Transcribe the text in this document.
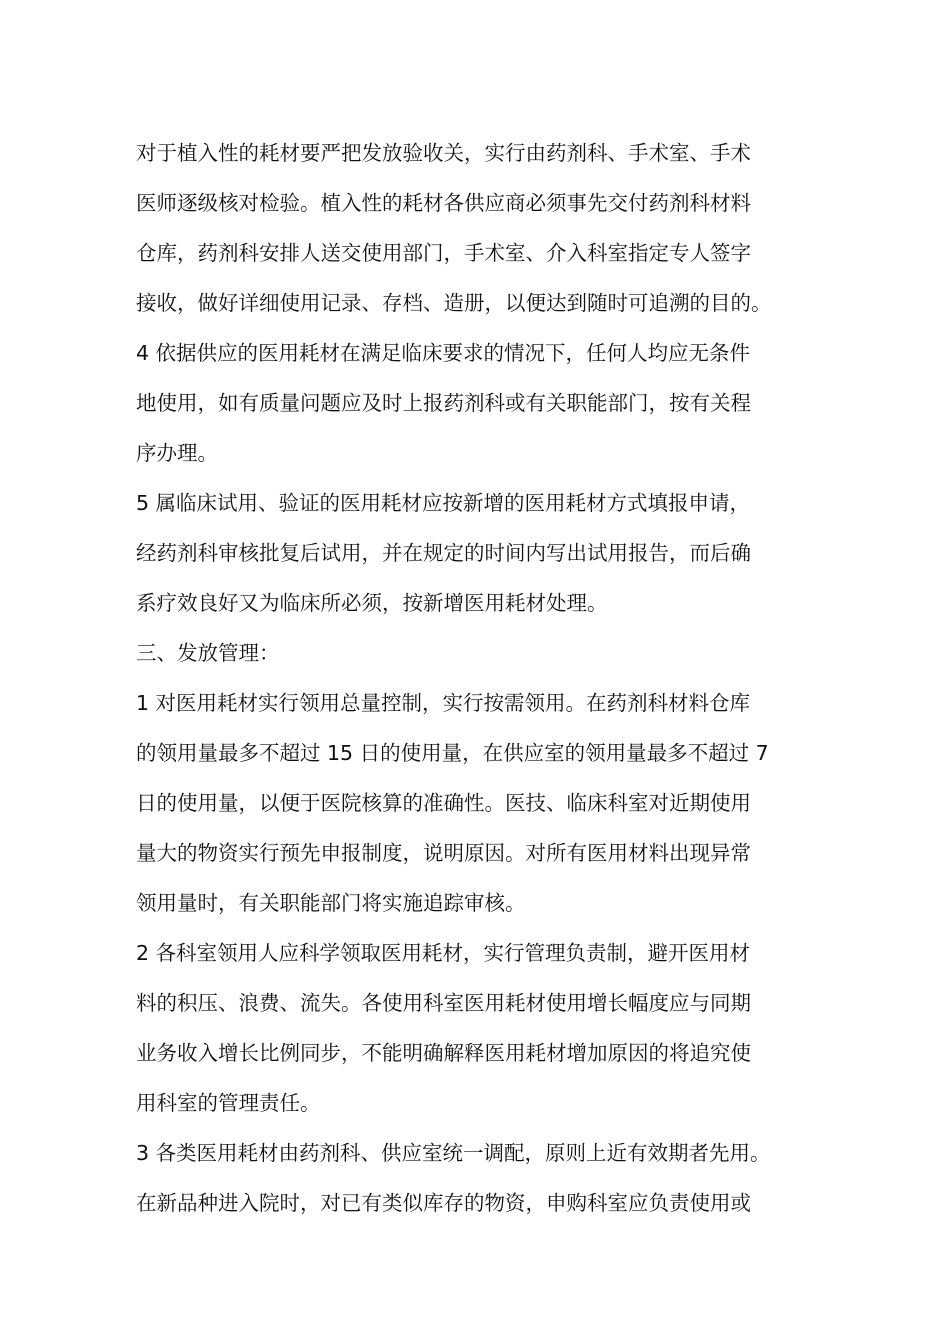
对于植入性的耗材要严把发放验收关，实行由药剂科、手术室、手术
医师逐级核对检验。植入性的耗材各供应商必须事先交付药剂科材料
仓库，药剂科安排人送交使用部门，手术室、介入科室指定专人签字
接收，做好详细使用记录、存档、造册，以便达到随时可追溯的目的。
4 依据供应的医用耗材在满足临床要求的情况下，任何人均应无条件
地使用，如有质量问题应及时上报药剂科或有关职能部门，按有关程
序办理。
5 属临床试用、验证的医用耗材应按新增的医用耗材方式填报申请，
经药剂科审核批复后试用，并在规定的时间内写出试用报告，而后确
系疗效良好又为临床所必须，按新增医用耗材处理。
三、发放管理：
1 对医用耗材实行领用总量控制，实行按需领用。在药剂科材料仓库
的领用量最多不超过 15 日的使用量，在供应室的领用量最多不超过 7
日的使用量，以便于医院核算的准确性。医技、临床科室对近期使用
量大的物资实行预先申报制度，说明原因。对所有医用材料出现异常
领用量时，有关职能部门将实施追踪审核。
2 各科室领用人应科学领取医用耗材，实行管理负责制，避开医用材
料的积压、浪费、流失。各使用科室医用耗材使用增长幅度应与同期
业务收入增长比例同步，不能明确解释医用耗材增加原因的将追究使
用科室的管理责任。
3 各类医用耗材由药剂科、供应室统一调配，原则上近有效期者先用。
在新品种进入院时，对已有类似库存的物资，申购科室应负责使用或
